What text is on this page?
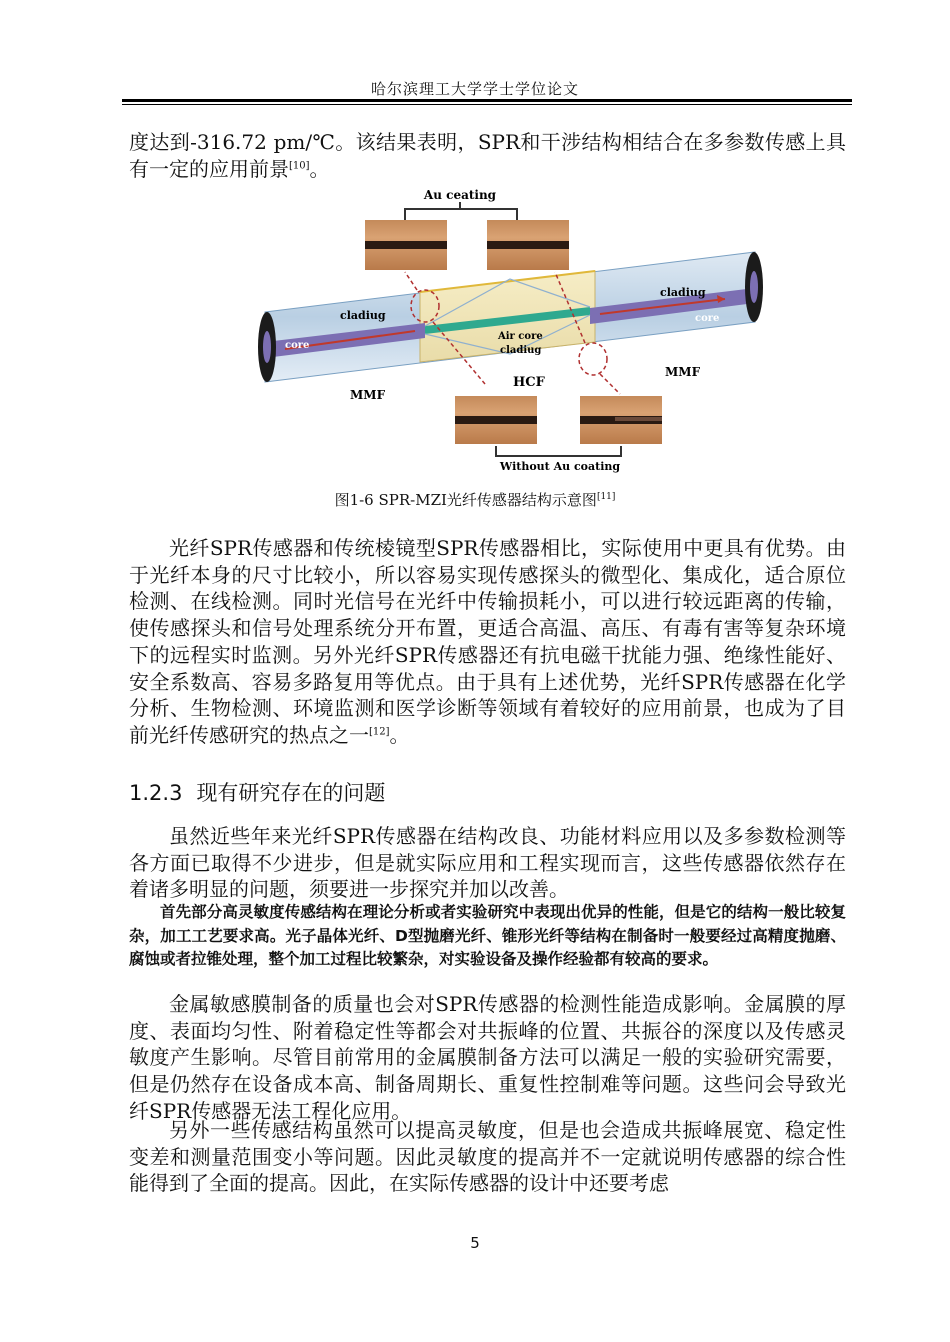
哈尔滨理工大学学士学位论文
度达到-316.72 pm/℃。该结果表明，SPR和干涉结构相结合在多参数传感上具有一定的应用前景[10]。
Au ceating
cladiug
cladiug
core
core
Air core
cladiug
HCF
MMF
MMF
Without Au coating
图1-6 SPR-MZI光纤传感器结构示意图[11]
光纤SPR传感器和传统棱镜型SPR传感器相比，实际使用中更具有优势。由于光纤本身的尺寸比较小，所以容易实现传感探头的微型化、集成化，适合原位检测、在线检测。同时光信号在光纤中传输损耗小，可以进行较远距离的传输，使传感探头和信号处理系统分开布置，更适合高温、高压、有毒有害等复杂环境下的远程实时监测。另外光纤SPR传感器还有抗电磁干扰能力强、绝缘性能好、安全系数高、容易多路复用等优点。由于具有上述优势，光纤SPR传感器在化学分析、生物检测、环境监测和医学诊断等领域有着较好的应用前景，也成为了目前光纤传感研究的热点之一[12]。
1.2.3 现有研究存在的问题
虽然近些年来光纤SPR传感器在结构改良、功能材料应用以及多参数检测等各方面已取得不少进步，但是就实际应用和工程实现而言，这些传感器依然存在着诸多明显的问题，须要进一步探究并加以改善。
首先部分高灵敏度传感结构在理论分析或者实验研究中表现出优异的性能，但是它的结构一般比较复杂，加工工艺要求高。光子晶体光纤、D型抛磨光纤、锥形光纤等结构在制备时一般要经过高精度抛磨、腐蚀或者拉锥处理，整个加工过程比较繁杂，对实验设备及操作经验都有较高的要求。
金属敏感膜制备的质量也会对SPR传感器的检测性能造成影响。金属膜的厚度、表面均匀性、附着稳定性等都会对共振峰的位置、共振谷的深度以及传感灵敏度产生影响。尽管目前常用的金属膜制备方法可以满足一般的实验研究需要，但是仍然存在设备成本高、制备周期长、重复性控制难等问题。这些问会导致光纤SPR传感器无法工程化应用。
另外一些传感结构虽然可以提高灵敏度，但是也会造成共振峰展宽、稳定性变差和测量范围变小等问题。因此灵敏度的提高并不一定就说明传感器的综合性能得到了全面的提高。因此，在实际传感器的设计中还要考虑
5
